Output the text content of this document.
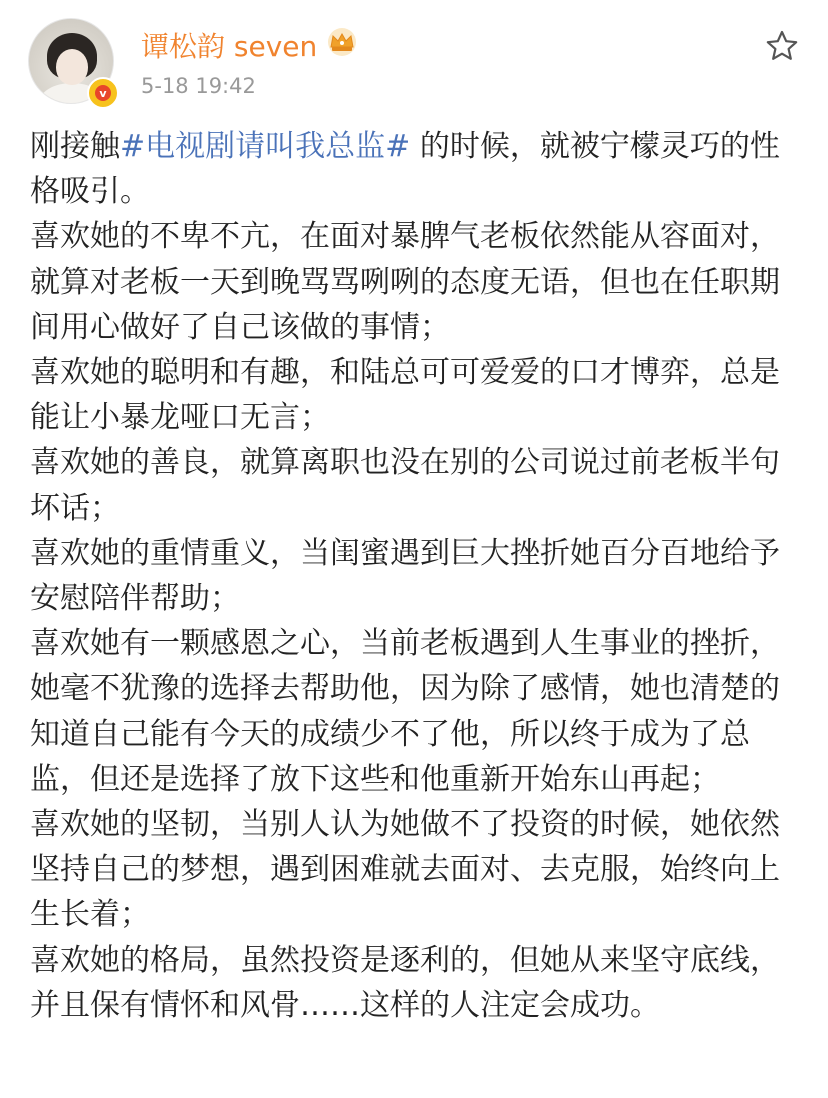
v
谭松韵 seven
5-18 19:42

刚接触#电视剧请叫我总监# 的时候，就被宁檬灵巧的性格吸引。

喜欢她的不卑不亢，在面对暴脾气老板依然能从容面对，就算对老板一天到晚骂骂咧咧的态度无语，但也在任职期间用心做好了自己该做的事情；

喜欢她的聪明和有趣，和陆总可可爱爱的口才博弈，总是能让小暴龙哑口无言；

喜欢她的善良，就算离职也没在别的公司说过前老板半句坏话；

喜欢她的重情重义，当闺蜜遇到巨大挫折她百分百地给予安慰陪伴帮助；

喜欢她有一颗感恩之心，当前老板遇到人生事业的挫折，她毫不犹豫的选择去帮助他，因为除了感情，她也清楚的知道自己能有今天的成绩少不了他，所以终于成为了总监，但还是选择了放下这些和他重新开始东山再起；

喜欢她的坚韧，当别人认为她做不了投资的时候，她依然坚持自己的梦想，遇到困难就去面对、去克服，始终向上生长着；

喜欢她的格局，虽然投资是逐利的，但她从来坚守底线，并且保有情怀和风骨……这样的人注定会成功。
